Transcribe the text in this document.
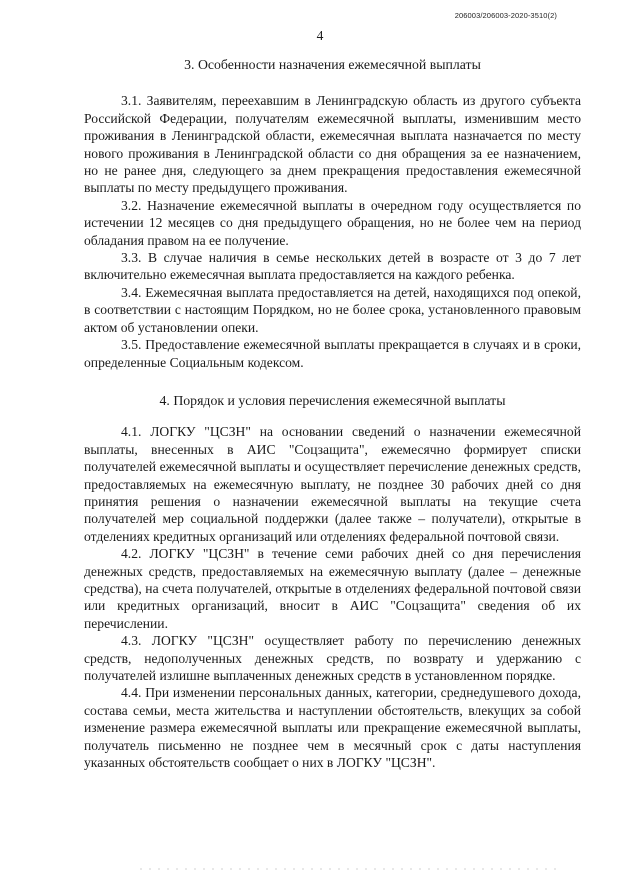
206003/206003-2020-3510(2)
4
3. Особенности назначения ежемесячной выплаты

3.1. Заявителям, переехавшим в Ленинградскую область из другого субъекта Российской Федерации, получателям ежемесячной выплаты, изменившим место проживания в Ленинградской области, ежемесячная выплата назначается по месту нового проживания в Ленинградской области со дня обращения за ее назначением, но не ранее дня, следующего за днем прекращения предоставления ежемесячной выплаты по месту предыдущего проживания.

3.2. Назначение ежемесячной выплаты в очередном году осуществляется по истечении 12 месяцев со дня предыдущего обращения, но не более чем на период обладания правом на ее получение.

3.3. В случае наличия в семье нескольких детей в возрасте от 3 до 7 лет включительно ежемесячная выплата предоставляется на каждого ребенка.

3.4. Ежемесячная выплата предоставляется на детей, находящихся под опекой, в соответствии с настоящим Порядком, но не более срока, установленного правовым актом об установлении опеки.

3.5. Предоставление ежемесячной выплаты прекращается в случаях и в сроки, определенные Социальным кодексом.

4. Порядок и условия перечисления ежемесячной выплаты

4.1. ЛОГКУ "ЦСЗН" на основании сведений о назначении ежемесячной выплаты, внесенных в АИС "Соцзащита", ежемесячно формирует списки получателей ежемесячной выплаты и осуществляет перечисление денежных средств, предоставляемых на ежемесячную выплату, не позднее 30 рабочих дней со дня принятия решения о назначении ежемесячной выплаты на текущие счета получателей мер социальной поддержки (далее также – получатели), открытые в отделениях кредитных организаций или отделениях федеральной почтовой связи.

4.2. ЛОГКУ "ЦСЗН" в течение семи рабочих дней со дня перечисления денежных средств, предоставляемых на ежемесячную выплату (далее – денежные средства), на счета получателей, открытые в отделениях федеральной почтовой связи или кредитных организаций, вносит в АИС "Соцзащита" сведения об их перечислении.

4.3. ЛОГКУ "ЦСЗН" осуществляет работу по перечислению денежных средств, недополученных денежных средств, по возврату и удержанию с получателей излишне выплаченных денежных средств в установленном порядке.

4.4. При изменении персональных данных, категории, среднедушевого дохода, состава семьи, места жительства и наступлении обстоятельств, влекущих за собой изменение размера ежемесячной выплаты или прекращение ежемесячной выплаты, получатель письменно не позднее чем в месячный срок с даты наступления указанных обстоятельств сообщает о них в ЛОГКУ "ЦСЗН".
